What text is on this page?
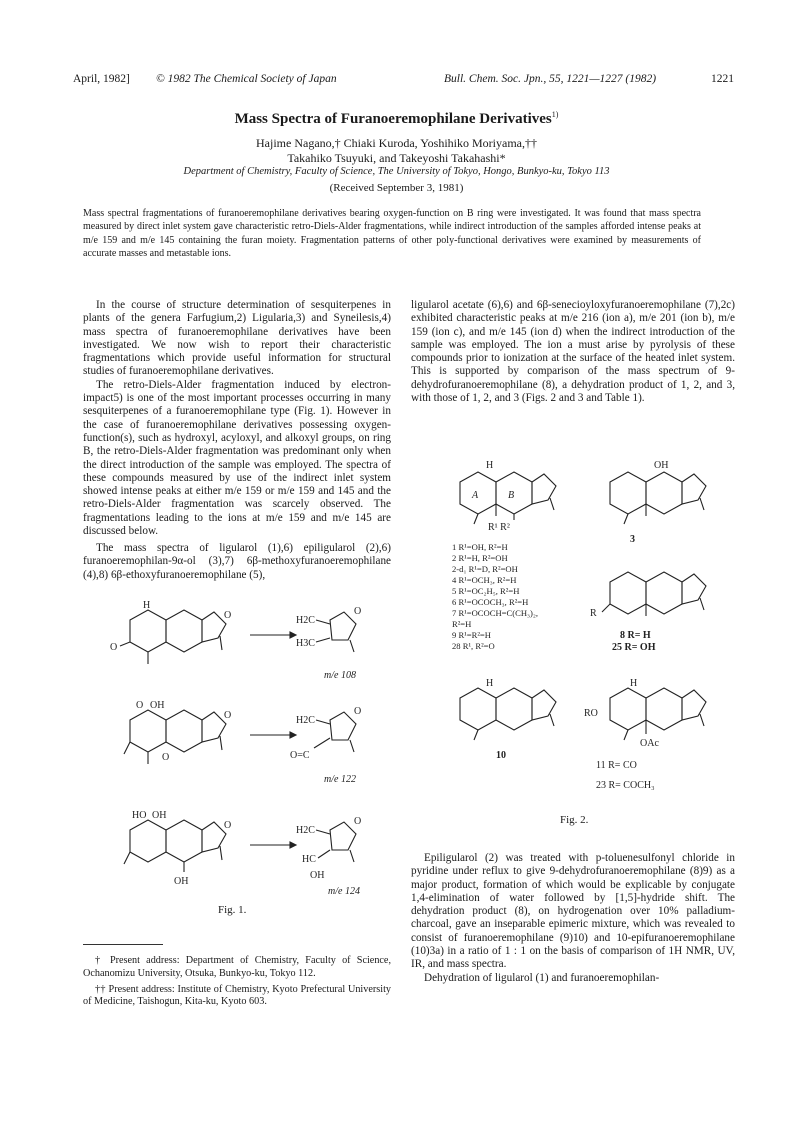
April, 1982] © 1982 The Chemical Society of Japan	Bull. Chem. Soc. Jpn., 55, 1221—1227 (1982)	1221
Mass Spectra of Furanoeremophilane Derivatives$^{1)}$
Hajime Nagano,† Chiaki Kuroda, Yoshihiko Moriyama,††
Takahiko Tsuyuki, and Takeyoshi Takahashi*
Department of Chemistry, Faculty of Science, The University of Tokyo, Hongo, Bunkyo-ku, Tokyo 113
(Received September 3, 1981)
Mass spectral fragmentations of furanoeremophilane derivatives bearing oxygen-function on B ring were investigated. It was found that mass spectra measured by direct inlet system gave characteristic retro-Diels-Alder fragmentations, while indirect introduction of the samples afforded intense peaks at m/e 159 and m/e 145 containing the furan moiety. Fragmentation patterns of other poly-functional derivatives were examined by measurements of accurate masses and metastable ions.

In the course of structure determination of sesquiterpenes in plants of the genera Farfugium,2) Ligularia,3) and Syneilesis,4) mass spectra of furanoeremophilane derivatives have been investigated. We now wish to report their characteristic fragmentations which provide useful information for structural studies of furanoeremophilane derivatives.

The retro-Diels-Alder fragmentation induced by electron-impact5) is one of the most important processes occurring in many sesquiterpenes of a furanoeremophilane type (Fig. 1). However in the case of furanoeremophilane derivatives possessing oxygen-function(s), such as hydroxyl, acyloxyl, and alkoxyl groups, on ring B, the retro-Diels-Alder fragmentation was predominant only when the direct introduction of the sample was employed. The spectra of these compounds measured by use of the indirect inlet system showed intense peaks at either m/e 159 or m/e 159 and 145 and the retro-Diels-Alder fragmentation was scarcely observed. The fragmentations leading to the ions at m/e 159 and m/e 145 are discussed below.

The mass spectra of ligularol (1),6) epiligularol (2),6) furanoeremophilan-9α-ol (3),7) 6β-methoxyfuranoeremophilane (4),8) 6β-ethoxyfuranoeremophilane (5),

ligularol acetate (6),6) and 6β-senecioyloxyfuranoeremophilane (7),2c) exhibited characteristic peaks at m/e 216 (ion a), m/e 201 (ion b), m/e 159 (ion c), and m/e 145 (ion d) when the indirect introduction of the sample was employed. The ion a must arise by pyrolysis of these compounds prior to ionization at the surface of the heated inlet system. This is supported by comparison of the mass spectrum of 9-dehydrofuranoeremophilane (8), a dehydration product of 1, 2, and 3, with those of 1, 2, and 3 (Figs. 2 and 3 and Table 1).

Epiligularol (2) was treated with p-toluenesulfonyl chloride in pyridine under reflux to give 9-dehydrofuranoeremophilane (8)9) as a major product, formation of which would be explicable by conjugate 1,4-elimination of water followed by [1,5]-hydride shift. The dehydration product (8), on hydrogenation over 10% palladium-charcoal, gave an inseparable epimeric mixture, which was revealed to consist of furanoeremophilane (9)10) and 10-epifuranoeremophilane (10)3a) in a ratio of 1 : 1 on the basis of comparison of 1H NMR, UV, IR, and mass spectra.

Dehydration of ligularol (1) and furanoeremophilan-

H
O
O	H2C
H3C
O
m/e 108
O OH
O
O	H2C
O=C
O
m/e 122
HO OH
OH
O	H2C
HC
OH
O
m/e 124
Fig. 1.

† Present address: Department of Chemistry, Faculty of Science, Ochanomizu University, Otsuka, Bunkyo-ku, Tokyo 112.

†† Present address: Institute of Chemistry, Kyoto Prefectural University of Medicine, Taishogun, Kita-ku, Kyoto 603.

H
A	B
R¹ R²
OH
3
R
8 R= H
25 R= OH
H
10
H
RO
OAc
11 R= CO
23 R= COCH₃
1 R¹=OH, R²=H
2 R¹=H, R²=OH
2-d₁ R¹=D, R²=OH
4 R¹=OCH₃, R²=H
5 R¹=OC₂H₅, R²=H
6 R¹=OCOCH₃, R²=H
7 R¹=OCOCH=C(CH₃)₂,
R²=H
9 R¹=R²=H
28 R¹, R²=O
Fig. 2.
